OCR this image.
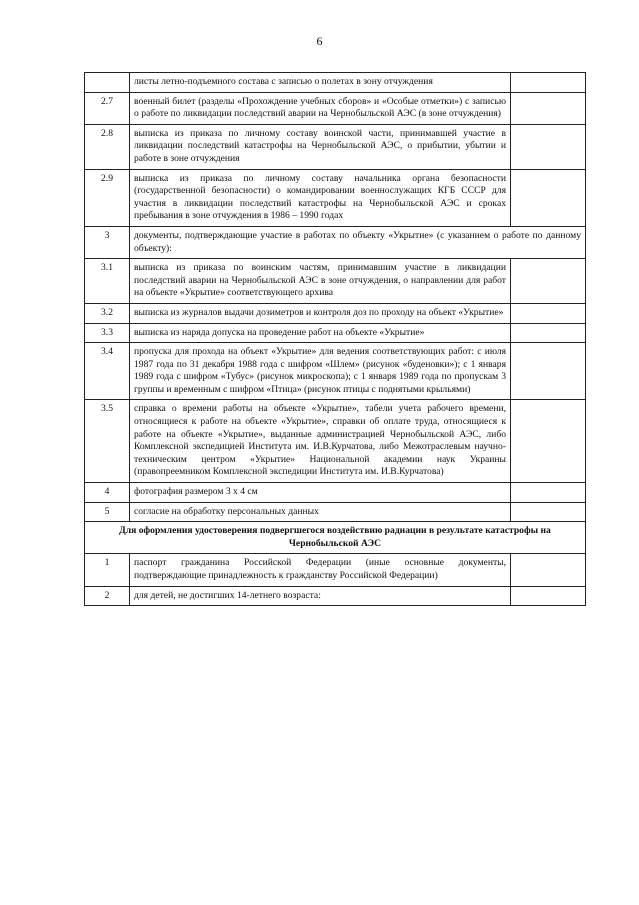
6
	листы летно-подъемного состава с записью о полетах в зону отчуждения	
2.7	военный билет (разделы «Прохождение учебных сборов» и «Особые отметки») с записью о работе по ликвидации последствий аварии на Чернобыльской АЭС (в зоне отчуждения)	
2.8	выписка из приказа по личному составу воинской части, принимавшей участие в ликвидации последствий катастрофы на Чернобыльской АЭС, о прибытии, убытии и работе в зоне отчуждения	
2.9	выписка из приказа по личному составу начальника органа безопасности (государственной безопасности) о командировании военнослужащих КГБ СССР для участия в ликвидации последствий катастрофы на Чернобыльской АЭС и сроках пребывания в зоне отчуждения в 1986 – 1990 годах	
3	документы, подтверждающие участие в работах по объекту «Укрытие» (с указанием о работе по данному объекту):	
3.1	выписка из приказа по воинским частям, принимавшим участие в ликвидации последствий аварии на Чернобыльской АЭС в зоне отчуждения, о направлении для работ на объекте «Укрытие» соответствующего архива	
3.2	выписка из журналов выдачи дозиметров и контроля доз по проходу на объект «Укрытие»	
3.3	выписка из наряда допуска на проведение работ на объекте «Укрытие»	
3.4	пропуска для прохода на объект «Укрытие» для ведения соответствующих работ: с июля 1987 года по 31 декабря 1988 года с шифром «Шлем» (рисунок «буденовки»); с 1 января 1989 года с шифром «Тубус» (рисунок микроскопа); с 1 января 1989 года по пропускам 3 группы и временным с шифром «Птица» (рисунок птицы с поднятыми крыльями)	
3.5	справка о времени работы на объекте «Укрытие», табели учета рабочего времени, относящиеся к работе на объекте «Укрытие», справки об оплате труда, относящиеся к работе на объекте «Укрытие», выданные администрацией Чернобыльской АЭС, либо Комплексной экспедицией Института им. И.В.Курчатова, либо Межотраслевым научно-техническим центром «Укрытие» Национальной академии наук Украины (правопреемником Комплексной экспедиции Института им. И.В.Курчатова)	
4	фотография размером 3 х 4 см	
5	согласие на обработку персональных данных	
Для оформления удостоверения подвергшегося воздействию радиации в результате катастрофы на Чернобыльской АЭС		
1	паспорт гражданина Российской Федерации (иные основные документы, подтверждающие принадлежность к гражданству Российской Федерации)	
2	для детей, не достигших 14-летнего возраста:	
